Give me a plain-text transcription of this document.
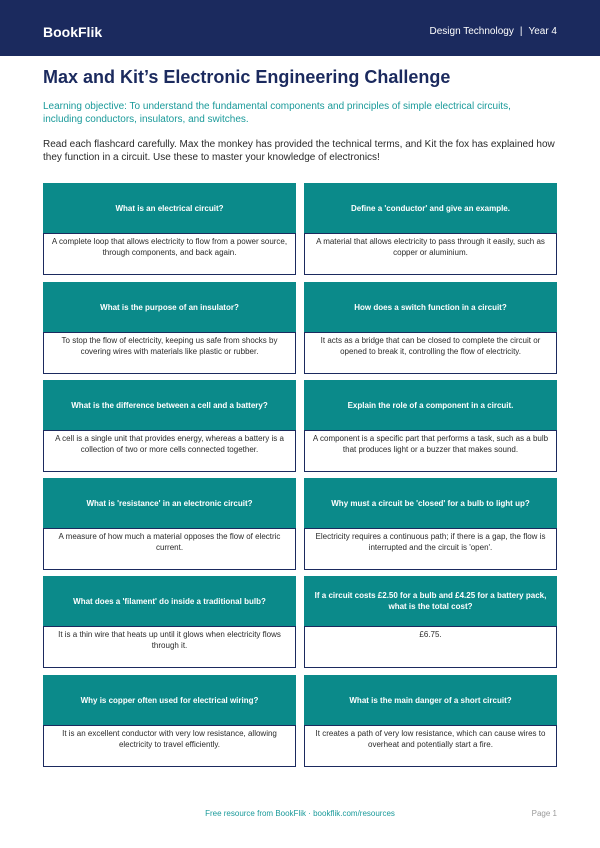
BookFlik	Design Technology | Year 4
Max and Kit’s Electronic Engineering Challenge
Learning objective: To understand the fundamental components and principles of simple electrical circuits, including conductors, insulators, and switches.
Read each flashcard carefully. Max the monkey has provided the technical terms, and Kit the fox has explained how they function in a circuit. Use these to master your knowledge of electronics!
What is an electrical circuit?
A complete loop that allows electricity to flow from a power source, through components, and back again.
Define a 'conductor' and give an example.
A material that allows electricity to pass through it easily, such as copper or aluminium.
What is the purpose of an insulator?
To stop the flow of electricity, keeping us safe from shocks by covering wires with materials like plastic or rubber.
How does a switch function in a circuit?
It acts as a bridge that can be closed to complete the circuit or opened to break it, controlling the flow of electricity.
What is the difference between a cell and a battery?
A cell is a single unit that provides energy, whereas a battery is a collection of two or more cells connected together.
Explain the role of a component in a circuit.
A component is a specific part that performs a task, such as a bulb that produces light or a buzzer that makes sound.
What is 'resistance' in an electronic circuit?
A measure of how much a material opposes the flow of electric current.
Why must a circuit be 'closed' for a bulb to light up?
Electricity requires a continuous path; if there is a gap, the flow is interrupted and the circuit is 'open'.
What does a 'filament' do inside a traditional bulb?
It is a thin wire that heats up until it glows when electricity flows through it.
If a circuit costs £2.50 for a bulb and £4.25 for a battery pack, what is the total cost?
£6.75.
Why is copper often used for electrical wiring?
It is an excellent conductor with very low resistance, allowing electricity to travel efficiently.
What is the main danger of a short circuit?
It creates a path of very low resistance, which can cause wires to overheat and potentially start a fire.
Free resource from BookFlik · bookflik.com/resources	Page 1
